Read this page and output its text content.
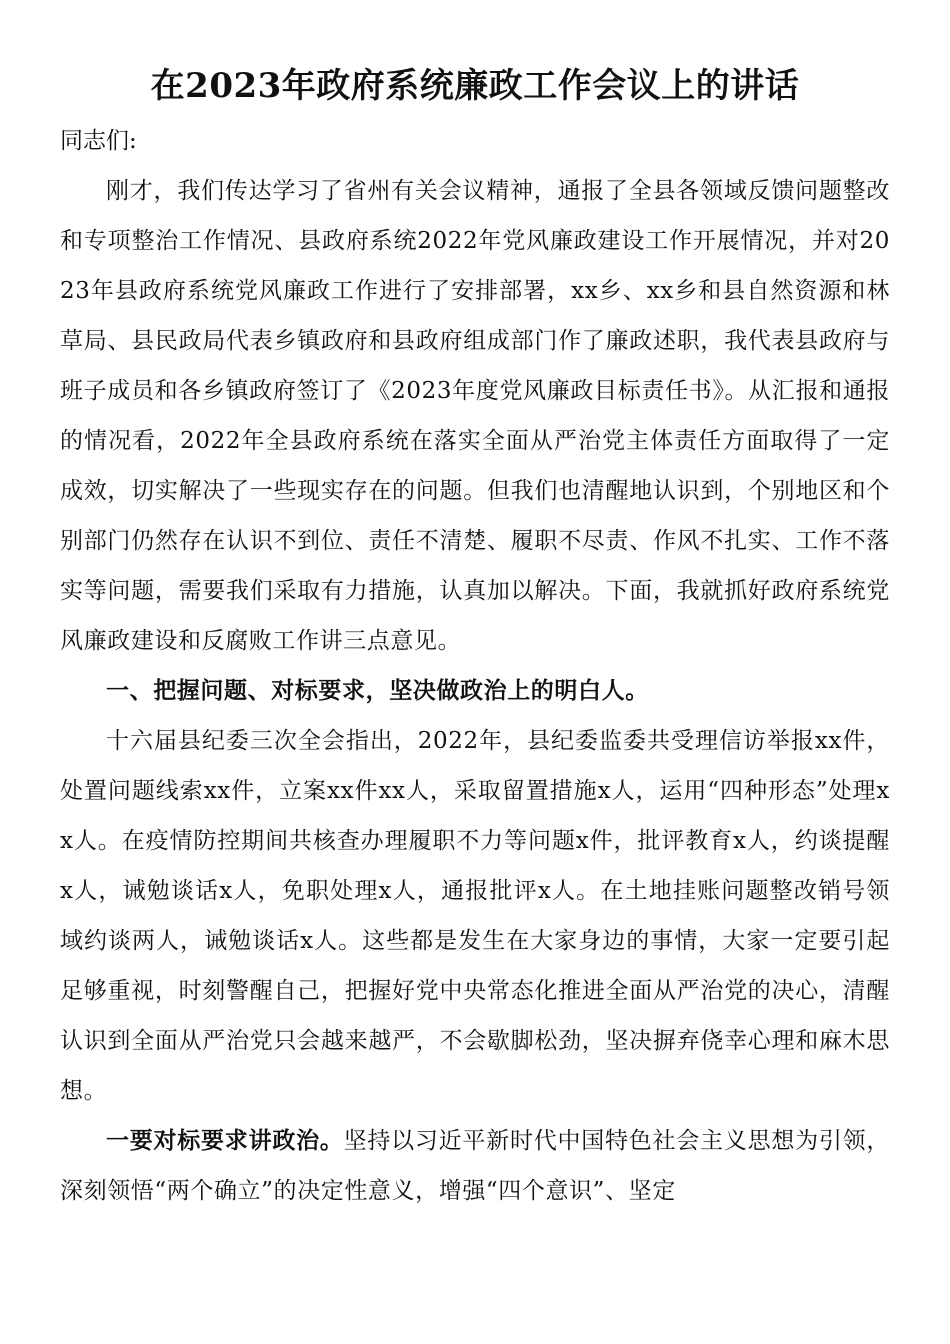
在2023年政府系统廉政工作会议上的讲话

同志们:

刚才，我们传达学习了省州有关会议精神，通报了全县各领域反馈问题整改和专项整治工作情况、县政府系统2022年党风廉政建设工作开展情况，并对2023年县政府系统党风廉政工作进行了安排部署，xx乡、xx乡和县自然资源和林草局、县民政局代表乡镇政府和县政府组成部门作了廉政述职，我代表县政府与班子成员和各乡镇政府签订了《2023年度党风廉政目标责任书》。从汇报和通报的情况看，2022年全县政府系统在落实全面从严治党主体责任方面取得了一定成效，切实解决了一些现实存在的问题。但我们也清醒地认识到，个别地区和个别部门仍然存在认识不到位、责任不清楚、履职不尽责、作风不扎实、工作不落实等问题，需要我们采取有力措施，认真加以解决。下面，我就抓好政府系统党风廉政建设和反腐败工作讲三点意见。

一、把握问题、对标要求，坚决做政治上的明白人。

十六届县纪委三次全会指出，2022年，县纪委监委共受理信访举报xx件，处置问题线索xx件，立案xx件xx人，采取留置措施x人，运用“四种形态”处理xx人。在疫情防控期间共核查办理履职不力等问题x件，批评教育x人，约谈提醒x人，诫勉谈话x人，免职处理x人，通报批评x人。在土地挂账问题整改销号领域约谈两人，诫勉谈话x人。这些都是发生在大家身边的事情，大家一定要引起足够重视，时刻警醒自己，把握好党中央常态化推进全面从严治党的决心，清醒认识到全面从严治党只会越来越严，不会歇脚松劲，坚决摒弃侥幸心理和麻木思想。

一要对标要求讲政治。坚持以习近平新时代中国特色社会主义思想为引领，深刻领悟“两个确立”的决定性意义，增强“四个意识”、坚定
